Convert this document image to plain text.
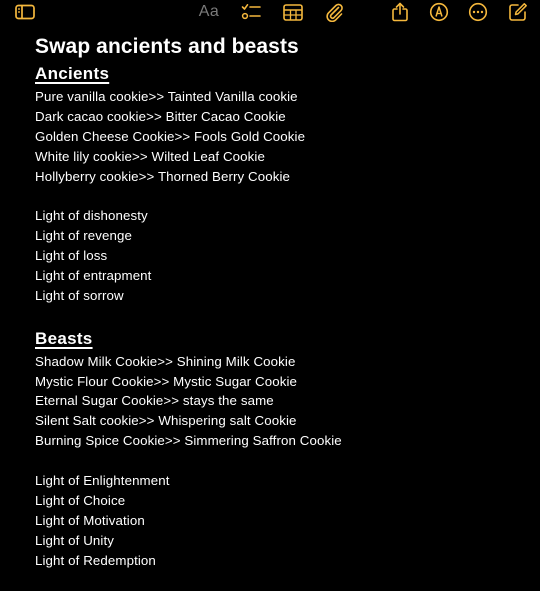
Aa
Swap ancients and beasts
Ancients
Pure vanilla cookie>> Tainted Vanilla cookie
Dark cacao cookie>> Bitter Cacao Cookie
Golden Cheese Cookie>> Fools Gold Cookie
White lily cookie>> Wilted Leaf Cookie
Hollyberry cookie>> Thorned Berry Cookie
Light of dishonesty
Light of revenge
Light of loss
Light of entrapment
Light of sorrow
Beasts
Shadow Milk Cookie>> Shining Milk Cookie
Mystic Flour Cookie>> Mystic Sugar Cookie
Eternal Sugar Cookie>> stays the same
Silent Salt cookie>> Whispering salt Cookie
Burning Spice Cookie>> Simmering Saffron Cookie
Light of Enlightenment
Light of Choice
Light of Motivation
Light of Unity
Light of Redemption
